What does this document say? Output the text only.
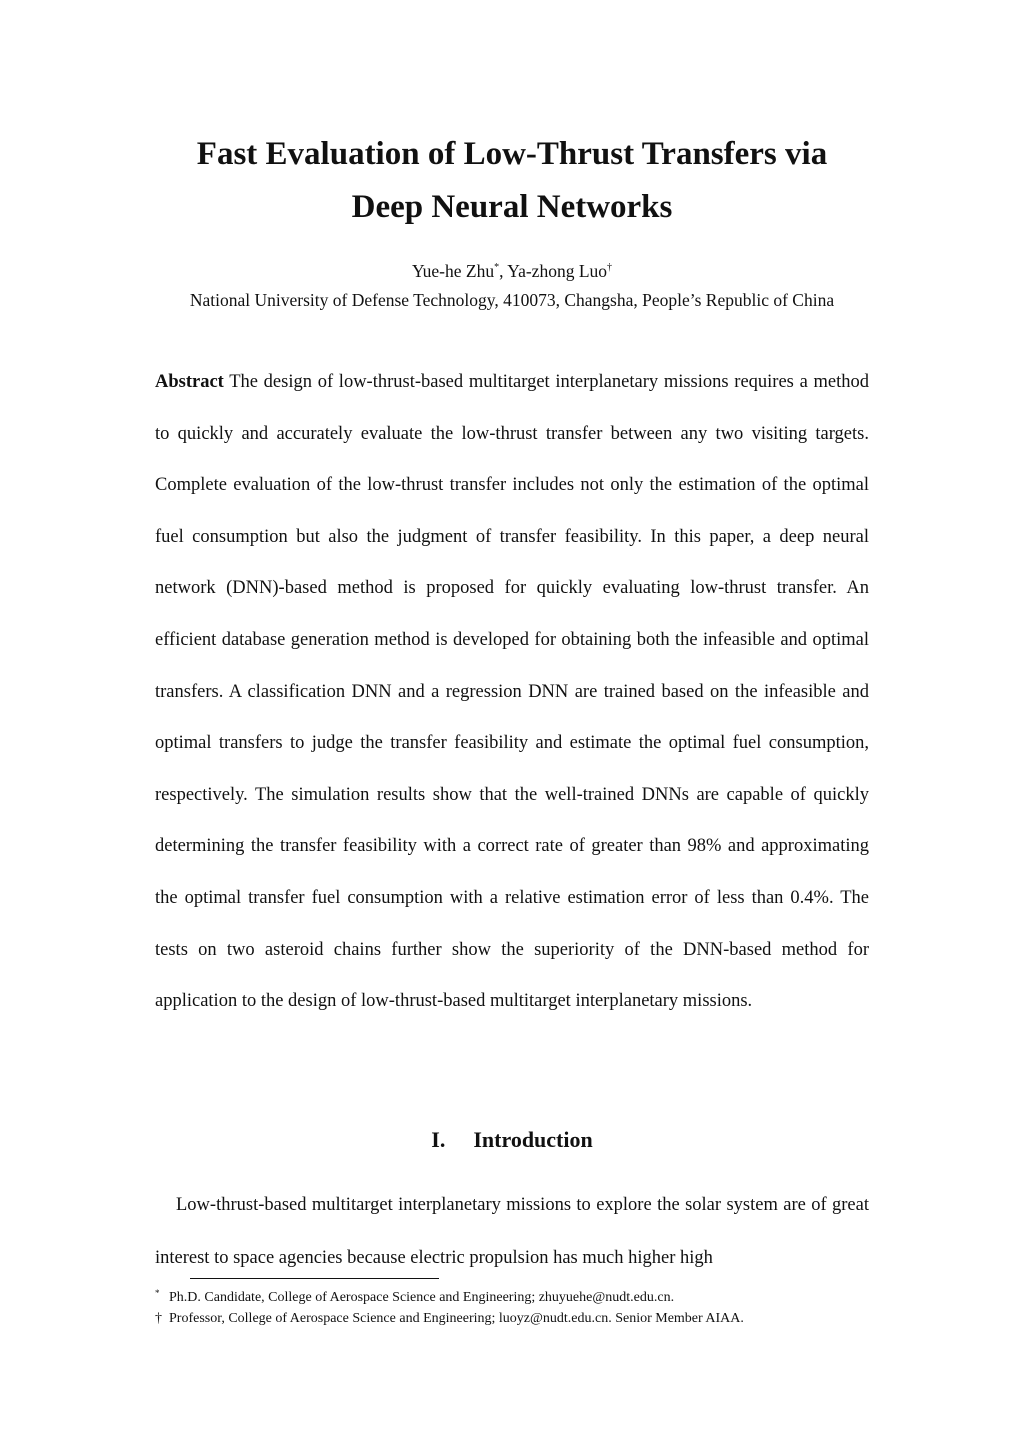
Fast Evaluation of Low-Thrust Transfers via
Deep Neural Networks
Yue-he Zhu*, Ya-zhong Luo†
National University of Defense Technology, 410073, Changsha, People’s Republic of China

Abstract The design of low-thrust-based multitarget interplanetary missions requires a method to quickly and accurately evaluate the low-thrust transfer between any two visiting targets. Complete evaluation of the low-thrust transfer includes not only the estimation of the optimal fuel consumption but also the judgment of transfer feasibility. In this paper, a deep neural network (DNN)-based method is proposed for quickly evaluating low-thrust transfer. An efficient database generation method is developed for obtaining both the infeasible and optimal transfers. A classification DNN and a regression DNN are trained based on the infeasible and optimal transfers to judge the transfer feasibility and estimate the optimal fuel consumption, respectively. The simulation results show that the well-trained DNNs are capable of quickly determining the transfer feasibility with a correct rate of greater than 98% and approximating the optimal transfer fuel consumption with a relative estimation error of less than 0.4%. The tests on two asteroid chains further show the superiority of the DNN-based method for application to the design of low-thrust-based multitarget interplanetary missions.

I. Introduction

Low-thrust-based multitarget interplanetary missions to explore the solar system are of great interest to space agencies because electric propulsion has much higher high

* Ph.D. Candidate, College of Aerospace Science and Engineering; zhuyuehe@nudt.edu.cn.
† Professor, College of Aerospace Science and Engineering; luoyz@nudt.edu.cn. Senior Member AIAA.
